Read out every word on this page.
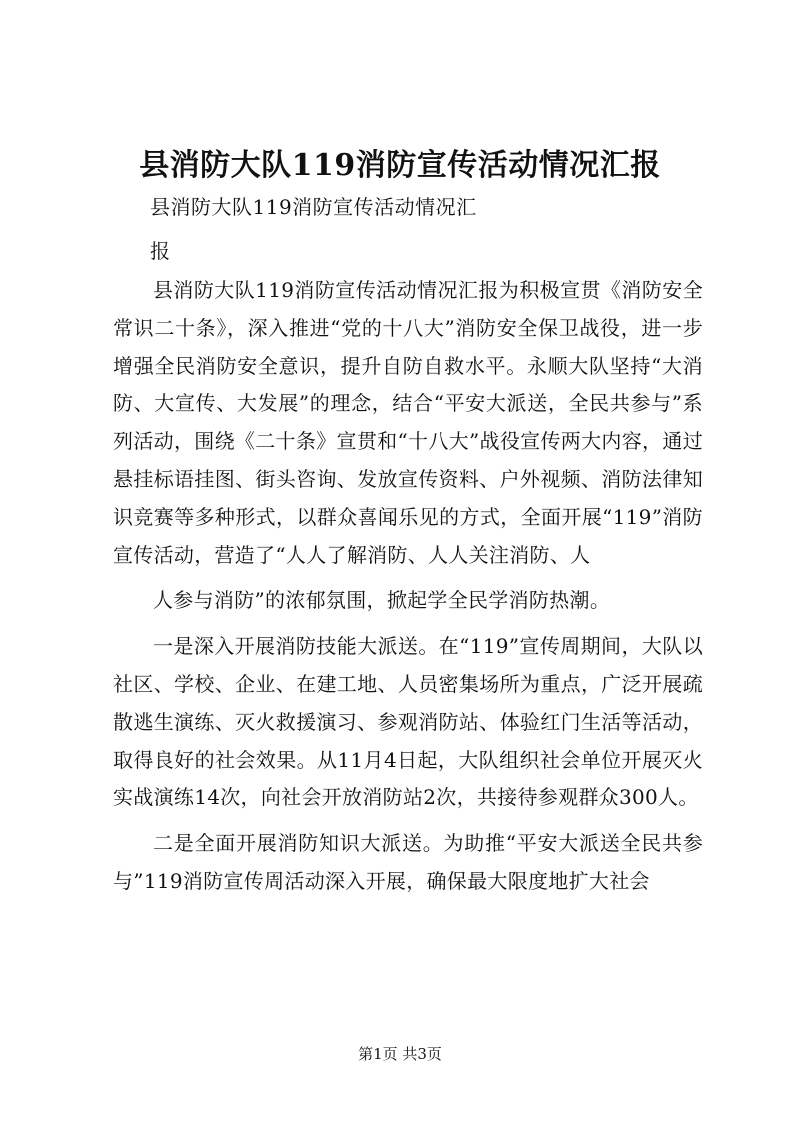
县消防大队119消防宣传活动情况汇报
县消防大队119消防宣传活动情况汇
报

县消防大队119消防宣传活动情况汇报为积极宣贯《消防安全常识二十条》，深入推进“党的十八大”消防安全保卫战役，进一步增强全民消防安全意识，提升自防自救水平。永顺大队坚持“大消防、大宣传、大发展”的理念，结合“平安大派送，全民共参与”系列活动，围绕《二十条》宣贯和“十八大”战役宣传两大内容，通过悬挂标语挂图、街头咨询、发放宣传资料、户外视频、消防法律知识竞赛等多种形式，以群众喜闻乐见的方式，全面开展“119”消防宣传活动，营造了“人人了解消防、人人关注消防、人

人参与消防”的浓郁氛围，掀起学全民学消防热潮。

一是深入开展消防技能大派送。在“119”宣传周期间，大队以社区、学校、企业、在建工地、人员密集场所为重点，广泛开展疏散逃生演练、灭火救援演习、参观消防站、体验红门生活等活动，取得良好的社会效果。从11月4日起，大队组织社会单位开展灭火实战演练14次，向社会开放消防站2次，共接待参观群众300人。

二是全面开展消防知识大派送。为助推“平安大派送全民共参与”119消防宣传周活动深入开展，确保最大限度地扩大社会

第1页 共3页
